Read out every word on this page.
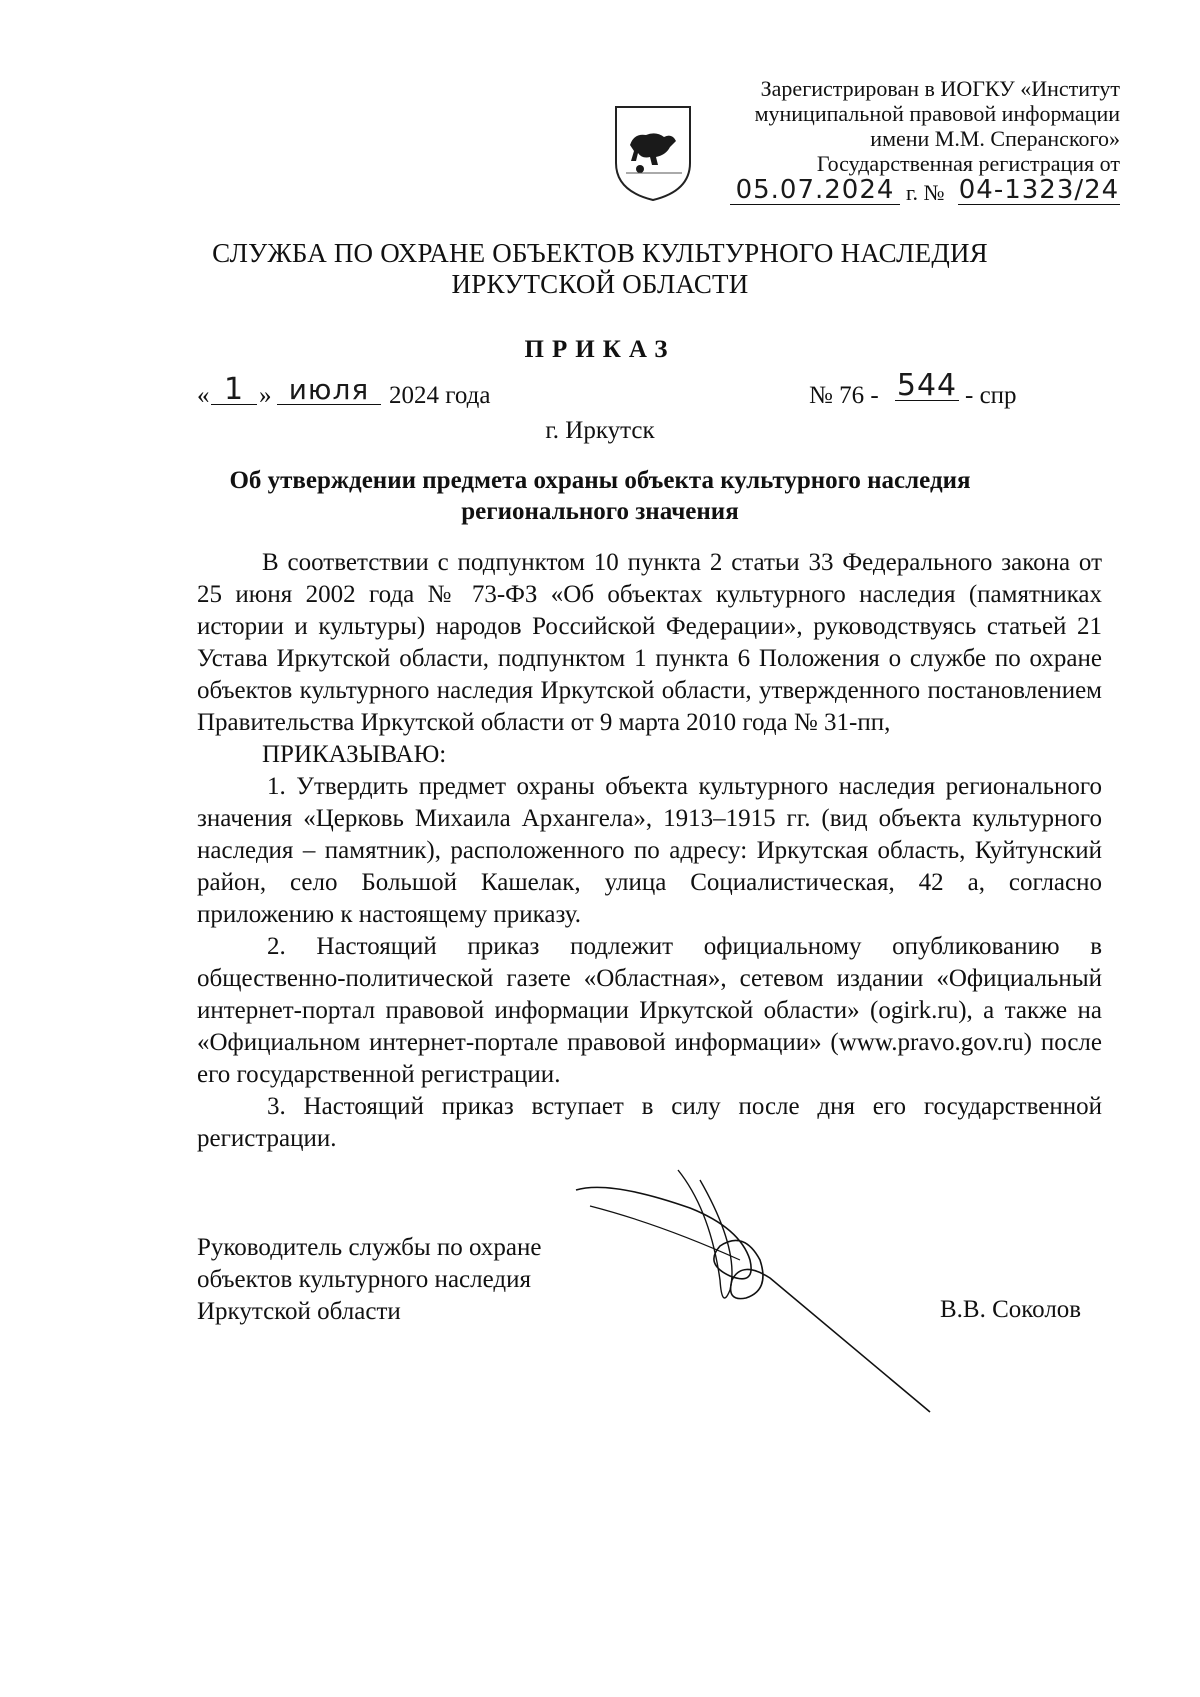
Зарегистрирован в ИОГКУ «Институт
муниципальной правовой информации
имени М.М. Сперанского»
Государственная регистрация от
05.07.2024 г. № 04-1323/24
СЛУЖБА ПО ОХРАНЕ ОБЪЕКТОВ КУЛЬТУРНОГО НАСЛЕДИЯ
ИРКУТСКОЙ ОБЛАСТИ
ПРИКАЗ
« 1 » июля 2024 года	№ 76 - 544 - спр
г. Иркутск
Об утверждении предмета охраны объекта культурного наследия
регионального значения

В соответствии с подпунктом 10 пункта 2 статьи 33 Федерального закона от 25 июня 2002 года № 73-ФЗ «Об объектах культурного наследия (памятниках истории и культуры) народов Российской Федерации», руководствуясь статьей 21 Устава Иркутской области, подпунктом 1 пункта 6 Положения о службе по охране объектов культурного наследия Иркутской области, утвержденного постановлением Правительства Иркутской области от 9 марта 2010 года № 31-пп,

ПРИКАЗЫВАЮ:

1. Утвердить предмет охраны объекта культурного наследия регионального значения «Церковь Михаила Архангела», 1913–1915 гг. (вид объекта культурного наследия – памятник), расположенного по адресу: Иркутская область, Куйтунский район, село Большой Кашелак, улица Социалистическая, 42 а, согласно приложению к настоящему приказу.

2. Настоящий приказ подлежит официальному опубликованию в общественно-политической газете «Областная», сетевом издании «Официальный интернет-портал правовой информации Иркутской области» (ogirk.ru), а также на «Официальном интернет-портале правовой информации» (www.pravo.gov.ru) после его государственной регистрации.

3. Настоящий приказ вступает в силу после дня его государственной регистрации.

Руководитель службы по охране
объектов культурного наследия
Иркутской области	В.В. Соколов
